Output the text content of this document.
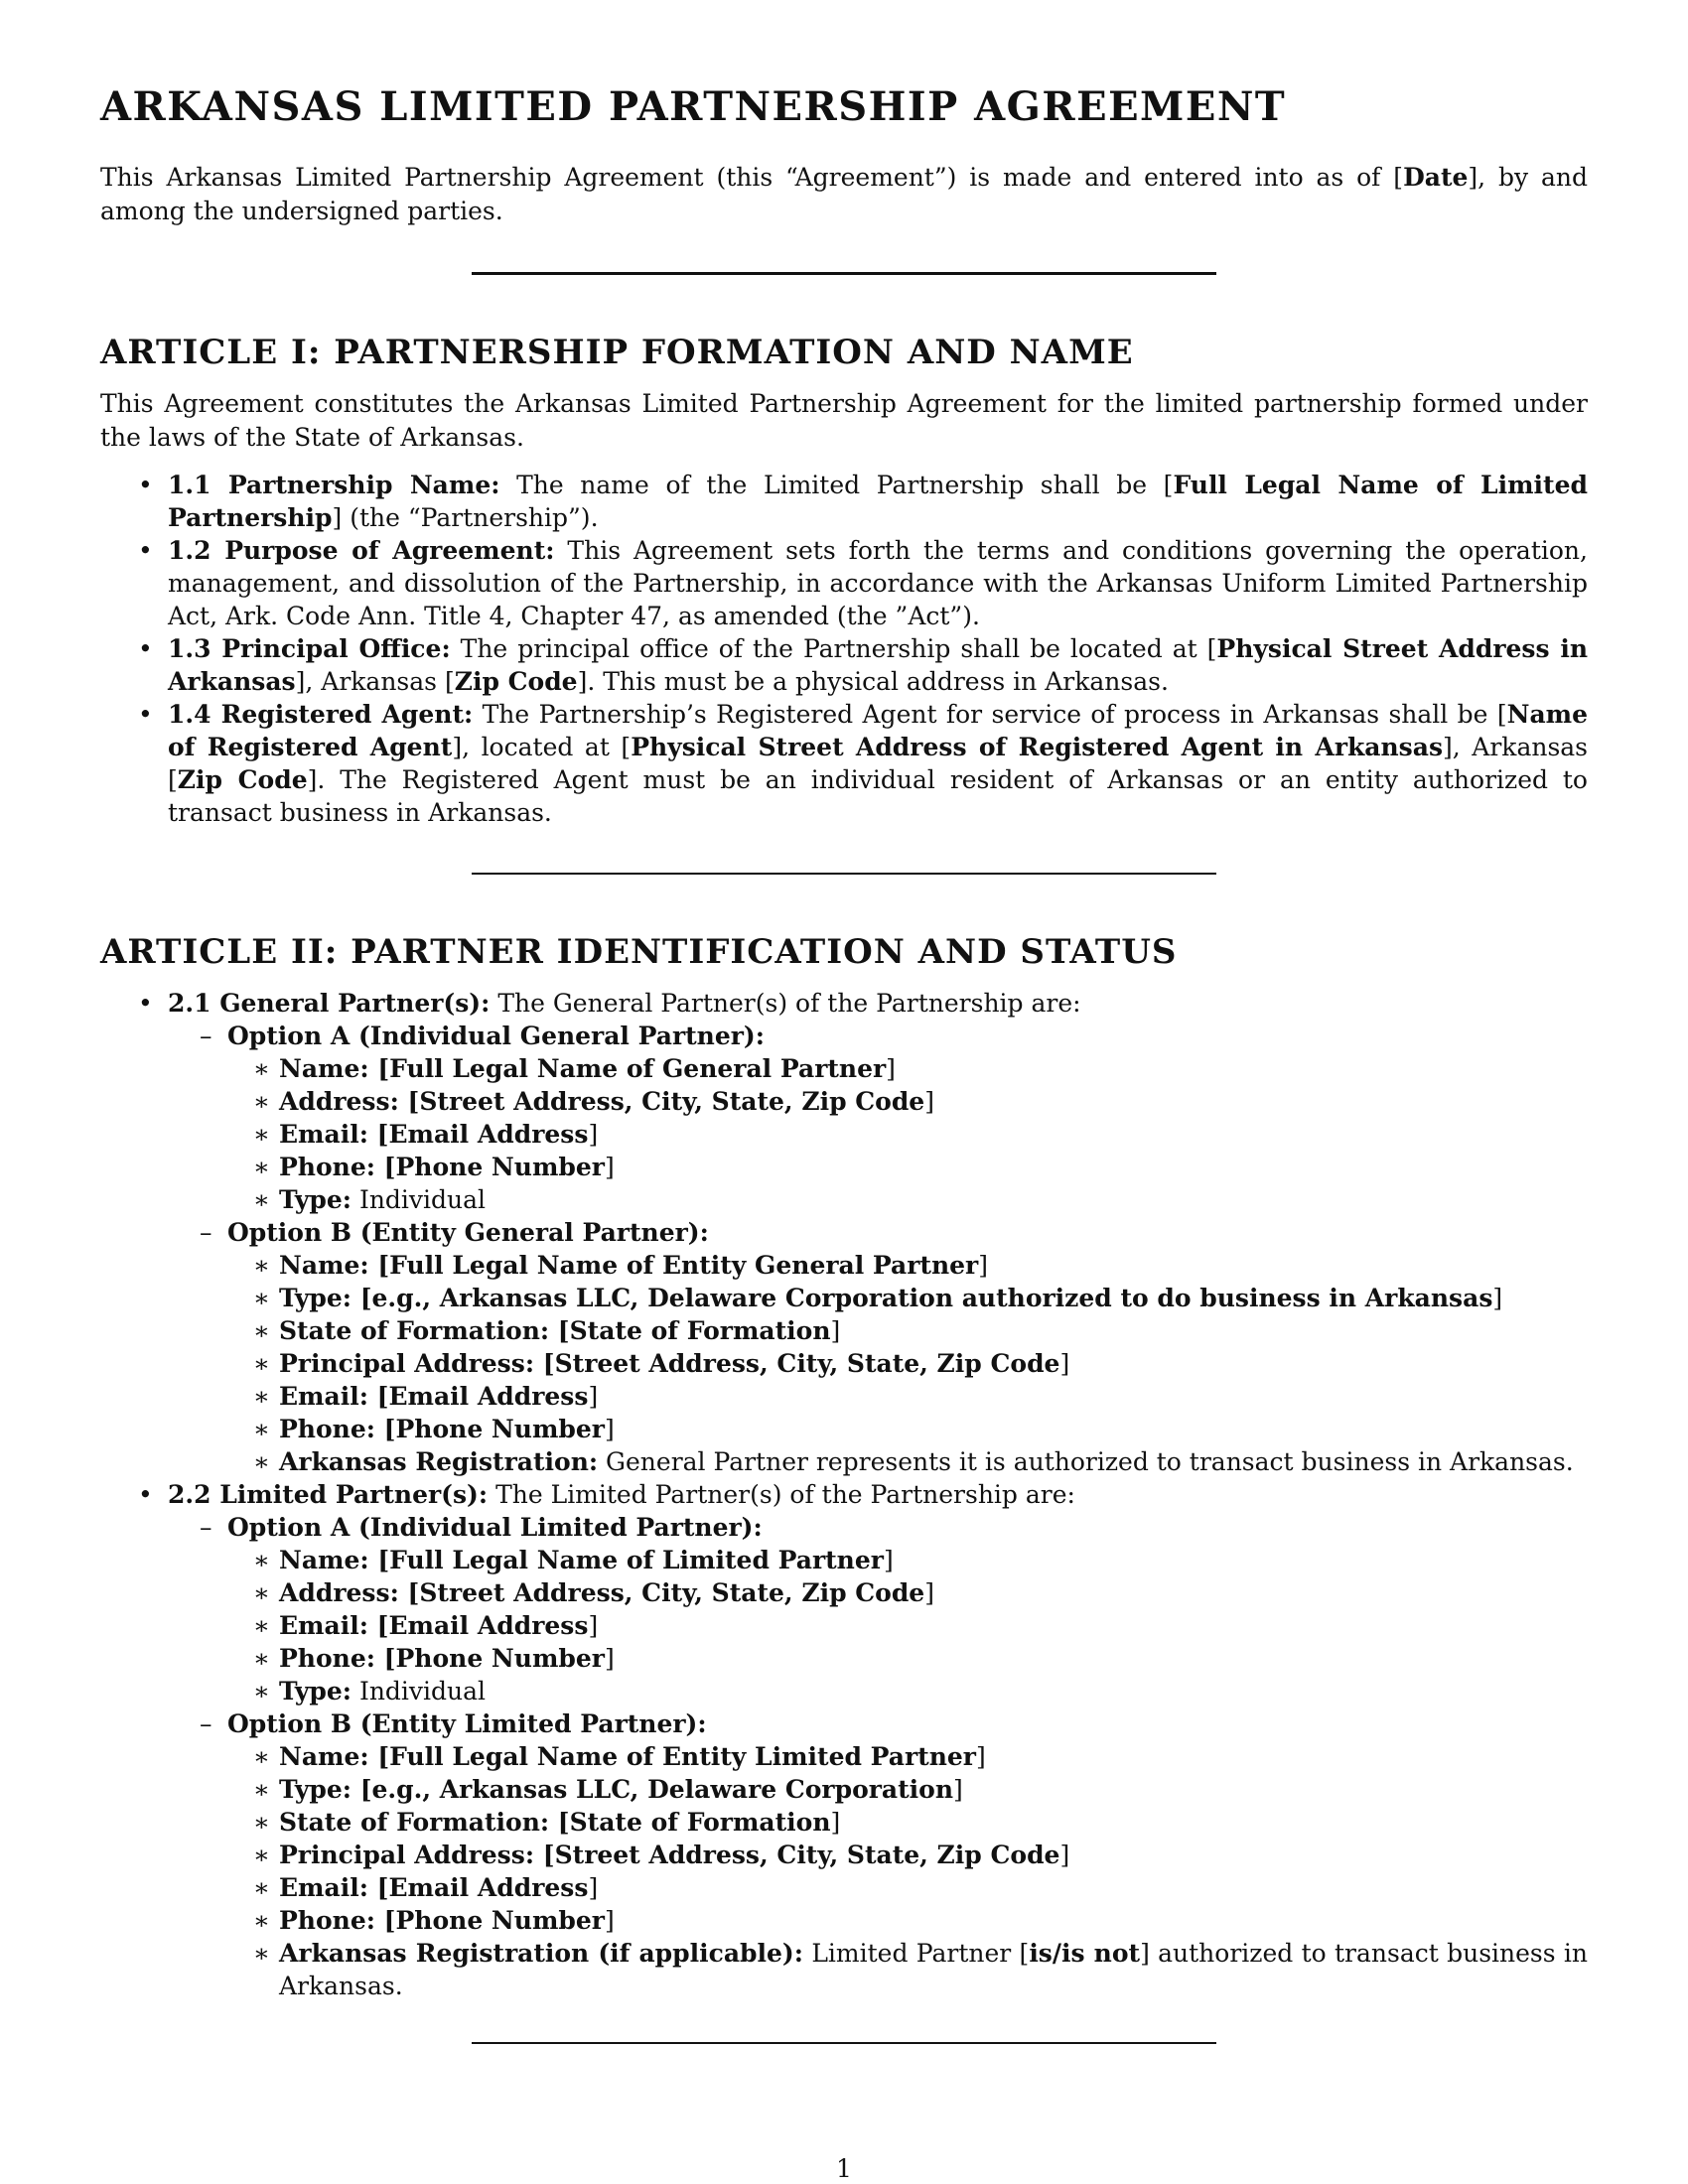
ARKANSAS LIMITED PARTNERSHIP AGREEMENT

This Arkansas Limited Partnership Agreement (this “Agreement”) is made and entered into as of [Date], by and among the undersigned parties.

ARTICLE I: PARTNERSHIP FORMATION AND NAME

This Agreement constitutes the Arkansas Limited Partnership Agreement for the limited partnership formed under the laws of the State of Arkansas.

• 1.1 Partnership Name: The name of the Limited Partnership shall be [Full Legal Name of Limited Partnership] (the “Partnership”).
• 1.2 Purpose of Agreement: This Agreement sets forth the terms and conditions governing the operation, management, and dissolution of the Partnership, in accordance with the Arkansas Uniform Limited Partnership Act, Ark. Code Ann. Title 4, Chapter 47, as amended (the ”Act”).
• 1.3 Principal Office: The principal office of the Partnership shall be located at [Physical Street Address in Arkansas], Arkansas [Zip Code]. This must be a physical address in Arkansas.
• 1.4 Registered Agent: The Partnership’s Registered Agent for service of process in Arkansas shall be [Name of Registered Agent], located at [Physical Street Address of Registered Agent in Arkansas], Arkansas [Zip Code]. The Registered Agent must be an individual resident of Arkansas or an entity authorized to transact business in Arkansas.
ARTICLE II: PARTNER IDENTIFICATION AND STATUS
• 2.1 General Partner(s): The General Partner(s) of the Partnership are:
– Option A (Individual General Partner):
∗ Name: [Full Legal Name of General Partner]
∗ Address: [Street Address, City, State, Zip Code]
∗ Email: [Email Address]
∗ Phone: [Phone Number]
∗ Type: Individual
– Option B (Entity General Partner):
∗ Name: [Full Legal Name of Entity General Partner]
∗ Type: [e.g., Arkansas LLC, Delaware Corporation authorized to do business in Arkansas]
∗ State of Formation: [State of Formation]
∗ Principal Address: [Street Address, City, State, Zip Code]
∗ Email: [Email Address]
∗ Phone: [Phone Number]
∗ Arkansas Registration: General Partner represents it is authorized to transact business in Arkansas.
• 2.2 Limited Partner(s): The Limited Partner(s) of the Partnership are:
– Option A (Individual Limited Partner):
∗ Name: [Full Legal Name of Limited Partner]
∗ Address: [Street Address, City, State, Zip Code]
∗ Email: [Email Address]
∗ Phone: [Phone Number]
∗ Type: Individual
– Option B (Entity Limited Partner):
∗ Name: [Full Legal Name of Entity Limited Partner]
∗ Type: [e.g., Arkansas LLC, Delaware Corporation]
∗ State of Formation: [State of Formation]
∗ Principal Address: [Street Address, City, State, Zip Code]
∗ Email: [Email Address]
∗ Phone: [Phone Number]
∗ Arkansas Registration (if applicable): Limited Partner [is/is not] authorized to transact business in Arkansas.
1
